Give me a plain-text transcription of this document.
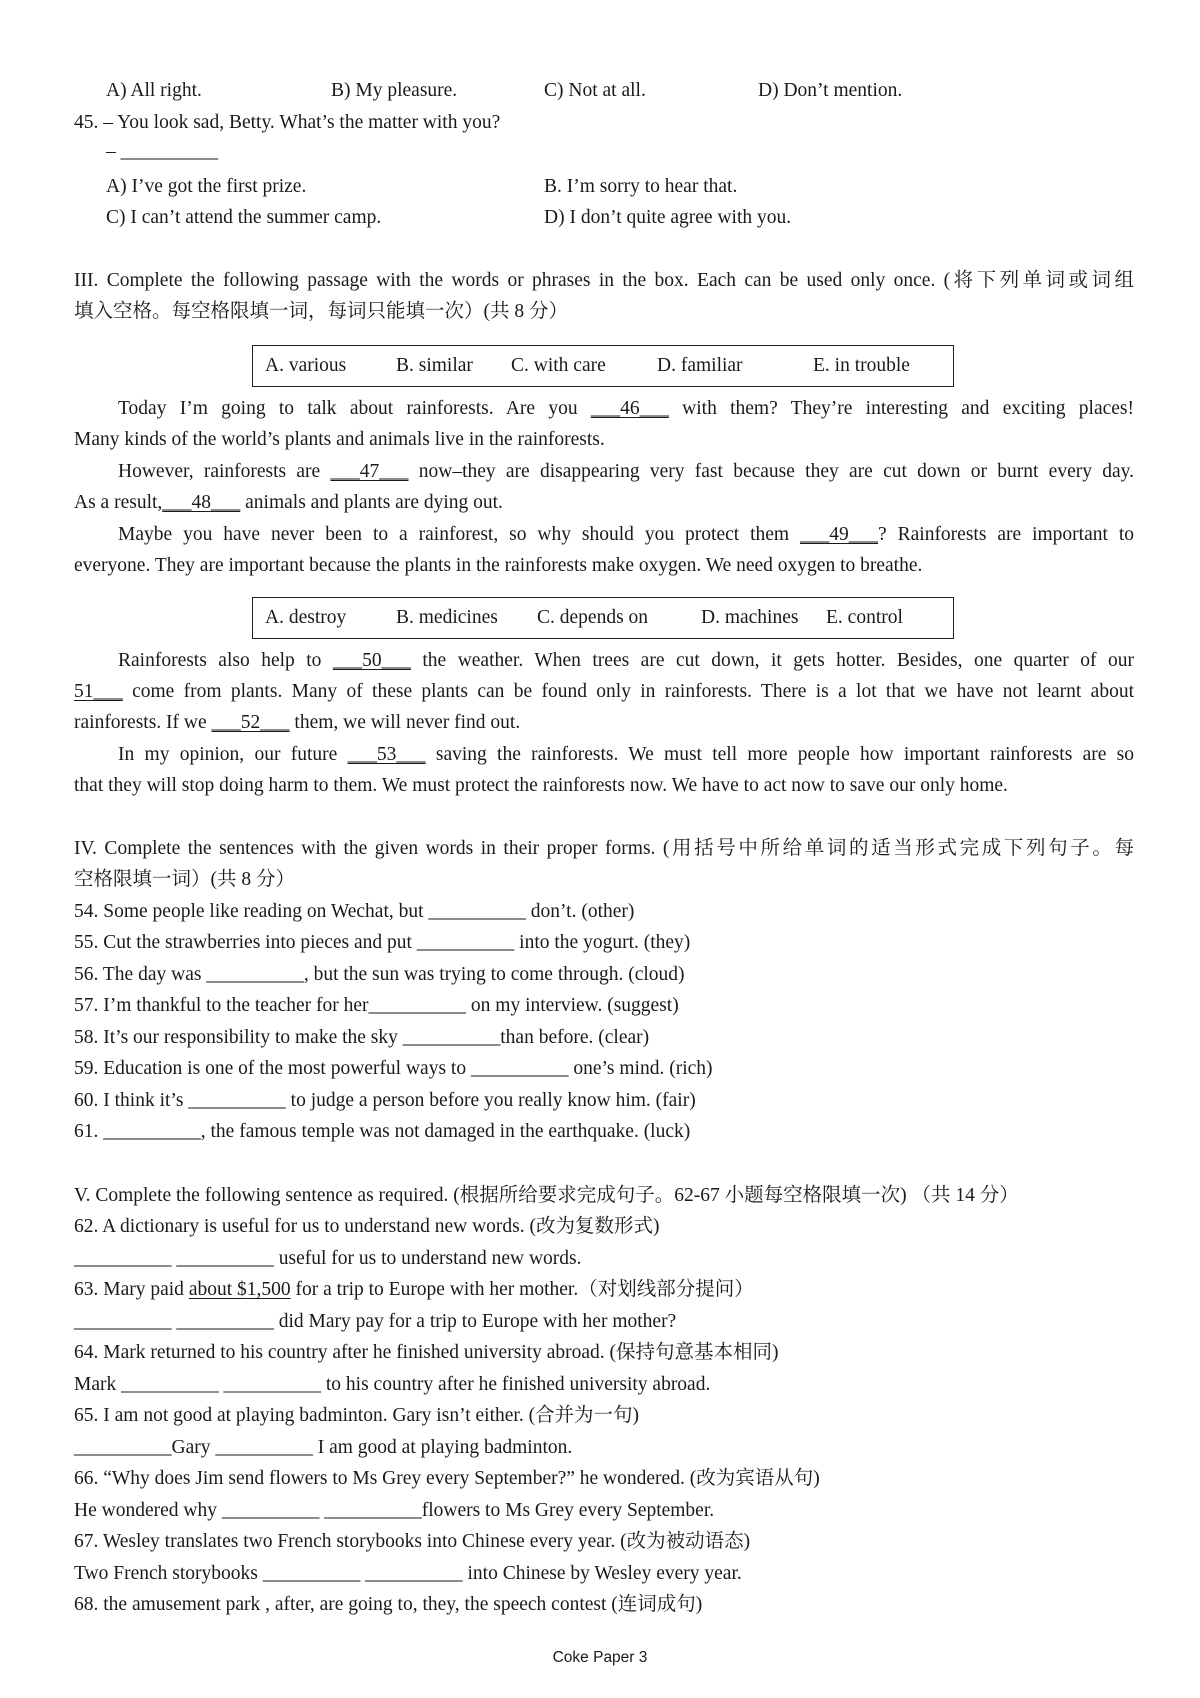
A) All right.	B) My pleasure.	C) Not at all.	D) Don’t mention.
45. – You look sad, Betty. What’s the matter with you?
– __________
A) I’ve got the first prize.	B. I’m sorry to hear that.
C) I can’t attend the summer camp.	D) I don’t quite agree with you.
III. Complete the following passage with the words or phrases in the box. Each can be used only once. (将下列单词或词组
填入空格。每空格限填一词，每词只能填一次）(共 8 分）
A. various	B. similar C. with care	D. familiar	E. in trouble
Today I’m going to talk about rainforests. Are you ___46___ with them? They’re interesting and exciting places!
Many kinds of the world’s plants and animals live in the rainforests.
However, rainforests are ___47___ now–they are disappearing very fast because they are cut down or burnt every day.
As a result,___48___ animals and plants are dying out.
Maybe you have never been to a rainforest, so why should you protect them ___49___? Rainforests are important to
everyone. They are important because the plants in the rainforests make oxygen. We need oxygen to breathe.
A. destroy	B. medicines C. depends on	D. machines E. control
Rainforests also help to ___50___ the weather. When trees are cut down, it gets hotter. Besides, one quarter of our
51___ come from plants. Many of these plants can be found only in rainforests. There is a lot that we have not learnt about
rainforests. If we ___52___ them, we will never find out.
In my opinion, our future ___53___ saving the rainforests. We must tell more people how important rainforests are so
that they will stop doing harm to them. We must protect the rainforests now. We have to act now to save our only home.
IV. Complete the sentences with the given words in their proper forms. (用括号中所给单词的适当形式完成下列句子。每
空格限填一词）(共 8 分）
54. Some people like reading on Wechat, but __________ don’t. (other)
55. Cut the strawberries into pieces and put __________ into the yogurt. (they)
56. The day was __________, but the sun was trying to come through. (cloud)
57. I’m thankful to the teacher for her__________ on my interview. (suggest)
58. It’s our responsibility to make the sky __________than before. (clear)
59. Education is one of the most powerful ways to __________ one’s mind. (rich)
60. I think it’s __________ to judge a person before you really know him. (fair)
61. __________, the famous temple was not damaged in the earthquake. (luck)
V. Complete the following sentence as required. (根据所给要求完成句子。62-67 小题每空格限填一次) （共 14 分）
62. A dictionary is useful for us to understand new words. (改为复数形式)
__________ __________ useful for us to understand new words.
63. Mary paid about $1,500 for a trip to Europe with her mother.（对划线部分提问）
__________ __________ did Mary pay for a trip to Europe with her mother?
64. Mark returned to his country after he finished university abroad. (保持句意基本相同)
Mark __________ __________ to his country after he finished university abroad.
65. I am not good at playing badminton. Gary isn’t either. (合并为一句)
__________Gary __________ I am good at playing badminton.
66. “Why does Jim send flowers to Ms Grey every September?” he wondered. (改为宾语从句)
He wondered why __________ __________flowers to Ms Grey every September.
67. Wesley translates two French storybooks into Chinese every year. (改为被动语态)
Two French storybooks __________ __________ into Chinese by Wesley every year.
68. the amusement park , after, are going to, they, the speech contest (连词成句)
Coke Paper 3
